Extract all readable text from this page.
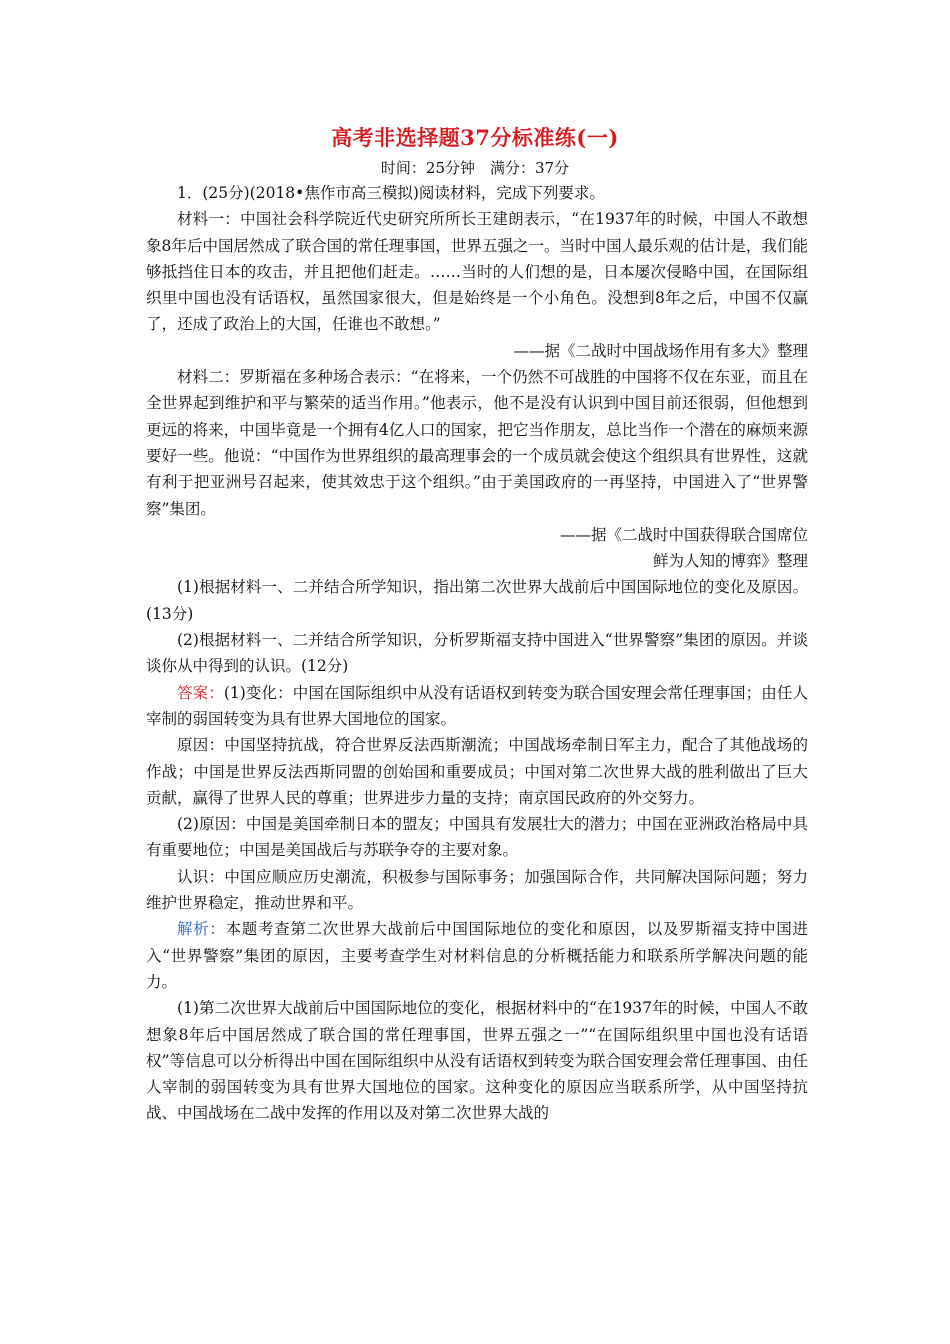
高考非选择题37分标准练(一)
时间：25分钟　满分：37分

1．(25分)(2018•焦作市高三模拟)阅读材料，完成下列要求。

材料一：中国社会科学院近代史研究所所长王建朗表示，“在1937年的时候，中国人不敢想象8年后中国居然成了联合国的常任理事国，世界五强之一。当时中国人最乐观的估计是，我们能够抵挡住日本的攻击，并且把他们赶走。……当时的人们想的是，日本屡次侵略中国，在国际组织里中国也没有话语权，虽然国家很大，但是始终是一个小角色。没想到8年之后，中国不仅赢了，还成了政治上的大国，任谁也不敢想。”

——据《二战时中国战场作用有多大》整理

材料二：罗斯福在多种场合表示：“在将来，一个仍然不可战胜的中国将不仅在东亚，而且在全世界起到维护和平与繁荣的适当作用。”他表示，他不是没有认识到中国目前还很弱，但他想到更远的将来，中国毕竟是一个拥有4亿人口的国家，把它当作朋友，总比当作一个潜在的麻烦来源要好一些。他说：“中国作为世界组织的最高理事会的一个成员就会使这个组织具有世界性，这就有利于把亚洲号召起来，使其效忠于这个组织。”由于美国政府的一再坚持，中国进入了“世界警察”集团。

——据《二战时中国获得联合国席位

鲜为人知的博弈》整理

(1)根据材料一、二并结合所学知识，指出第二次世界大战前后中国国际地位的变化及原因。(13分)

(2)根据材料一、二并结合所学知识，分析罗斯福支持中国进入“世界警察”集团的原因。并谈谈你从中得到的认识。(12分)

答案：(1)变化：中国在国际组织中从没有话语权到转变为联合国安理会常任理事国；由任人宰制的弱国转变为具有世界大国地位的国家。

原因：中国坚持抗战，符合世界反法西斯潮流；中国战场牵制日军主力，配合了其他战场的作战；中国是世界反法西斯同盟的创始国和重要成员；中国对第二次世界大战的胜利做出了巨大贡献，赢得了世界人民的尊重；世界进步力量的支持；南京国民政府的外交努力。

(2)原因：中国是美国牵制日本的盟友；中国具有发展壮大的潜力；中国在亚洲政治格局中具有重要地位；中国是美国战后与苏联争夺的主要对象。

认识：中国应顺应历史潮流，积极参与国际事务；加强国际合作，共同解决国际问题；努力维护世界稳定，推动世界和平。

解析：本题考查第二次世界大战前后中国国际地位的变化和原因，以及罗斯福支持中国进入“世界警察”集团的原因，主要考查学生对材料信息的分析概括能力和联系所学解决问题的能力。

(1)第二次世界大战前后中国国际地位的变化，根据材料中的“在1937年的时候，中国人不敢想象8年后中国居然成了联合国的常任理事国，世界五强之一”“在国际组织里中国也没有话语权”等信息可以分析得出中国在国际组织中从没有话语权到转变为联合国安理会常任理事国、由任人宰制的弱国转变为具有世界大国地位的国家。这种变化的原因应当联系所学，从中国坚持抗战、中国战场在二战中发挥的作用以及对第二次世界大战的
